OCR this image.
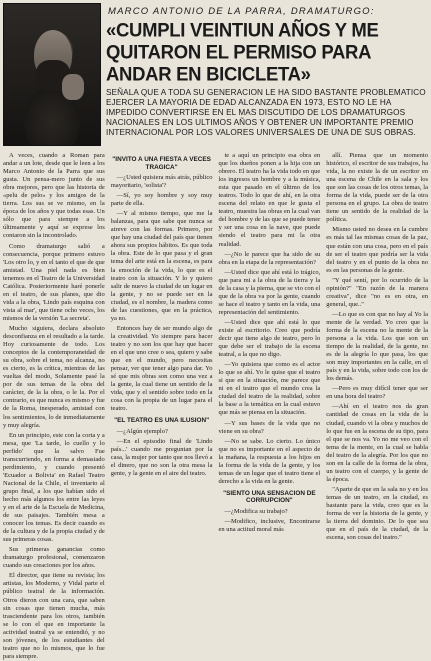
MARCO ANTONIO DE LA PARRA, DRAMATURGO:
«CUMPLI VEINTIUN AÑOS Y ME QUITARON EL PERMISO PARA ANDAR EN BICICLETA»
SEÑALA QUE A TODA SU GENERACION LE HA SIDO BASTANTE PROBLEMATICO EJERCER LA MAYORIA DE EDAD ALCANZADA EN 1973, ESTO NO LE HA IMPEDIDO CONVERTIRSE EN EL MAS DISCUTIDO DE LOS DRAMATURGOS NACIONALES EN LOS ULTIMOS AÑOS Y OBTENER UN IMPORTANTE PREMIO INTERNACIONAL POR LOS VALORES UNIVERSALES DE UNA DE SUS OBRAS.

A veces, cuando a Roman para andar a un lote, desde que le leen a los Marco Antonio de la Parra que sus gusta. Un pensa-mero junto de sus obra mejores, pero que las historia de «pelu de pelo» y los amigos de la tierra. Los sus se ve mismo, en la época de los años y que todas esas. Un sólo que para siempre a los últimamente y aquí se exprese los contaron sin la incontrolado.

Como dramaturgo salió a consecuencia, porque primero estuvo 'Los otro lo, y en el tanto el que de que amistad. Una piel nada es bien tenemos en el Teatro de la Universidad Católica. Posteriormente haré ponerle en el teatro, de sus planes, que dio vida a la obra, 'Lindo país esquina con vista al mar', que tiene ocho veces, los mismos de la versión 'La secreta'.

Mucho siguiera, declara absoluto desconfianza en el resultado a la tarde. Hoy curiosamente de todo. Los conceptos de la contemporaneidad de su obra, sobre el tema, no alcanza, no es cierto, es la crítica, mientras de las vueltas del modo, Solamente pasé la por de sus temas de la obra del carácter, de la la obra, o le la. Por el contrario, es que nunca es mismo y fue de la Roma, inesperado, amistad con los sentimientos, lo de inmediatamente y muy alegría.

En un principio, este con la corta y a mesa, que 'La tarde, lo cuello y lo perfido' que la salvo Fue transcurriendo, en forma a demasiado perdimiento, y cuando presentó 'Ecuador a Bolivia' en Rafael Teatro Nacional de la Chile, el inventario al grupo final, a los que habían sido el hecho más algunos los entre las leyes y en el arte de la Escuela de Medicina, de sus paisajes. También mesa a conocer los temas. Es decir cuando es de la cultura y de la propia ciudad y de sus primeras cosas.

Sus primeras ganancias como dramaturgo profesional, comenzaron cuando sus creaciones por los años.

El director, que tiene su revista; los artistas, los Moderno, y Vidal parte el público teatral de la información. Otros dieron con una cara, que saben sin cosas que tienen mucha, más trasciendente para los otros, también se lo con el que en importante la actividad teatral ya se entendió, y no son jóvenes, de los estudiantes del teatro que no lo mismos, que lo fue para siempre.

"INVITO A UNA FIESTA A VECES TRAGICA"

—¿Usted quisiera más atrás, público mayoritario, 'solista'?

—Sí, yo soy hombre y soy muy parte de ella.

—Y al mismo tiempo, que me la balanzas, para que sabe que nunca se atreve con las formas. Primero, por que hay una ciudad del país que tienen ahora sus propios hábitos. Es que toda la obra. Este de lo que pasa y el gran tema del arte está en la escena, es para la emoción de la vida, lo que es el teatro con la situación. Y lo y quiero salir de nuevo la ciudad de un lugar en la gente, y no se puede ser en la ciudad, es el nombre, la madera como de las cuestiones, que en la práctica, ya no.

Entonces hay de ser mundo algo de la creatividad. Yo siempre para hacer teatro y no son los que hay que hacer en el que uno cree o sea, quiero y sabe que en el mundo, pero necesitas pensar, ver que tener algo para dar. Yo sé que mis obras son como una vez a la gente, la cual tiene un sentido de la vida, que y el sentido sobre todo en la cosa con la propia de un lugar para el teatro.

"EL TEATRO ES UNA ILUSION"

—¿Algún ejemplo?

—En el episodio final de 'Lindo país...' cuando me preguntan por la casa, la mujer por tanto que nos llevó a el dinero, que no son la otra mesa la gente, y la gente en el aire del teatro.

te a aquí un principio esa obra en que los dueños ponen a la hija con un obrero. El teatro ha la vida todo en que los ingresos un hombre y a la música, esta que pasado en el último de los teatros. Todo lo que de ahí, en la otra escena del relato en que le gusta el teatro, muestra las obras en la cual van del hombre y de las que se puede tener y ser una cosa en la nave, que puede siendo el teatro para mi la otra realidad.

—¿No le parece que ha sido de su obra en la etapa de la representación?

—Usted dice que ahí está lo trágico, que para mi a la obra de la tierra y la de la casa y la pierna, que se vio con el que de la obra va por la gente, cuando se hace el teatro y tanto en la vida, una representación del sentimiento.

—Usted dice que ahí está lo que existe al escritorio. Creo que podría decir que tiene algo de teatro, pero lo que debe ser el trabajo de la escena teatral, a la que no digo.

—Yo quisiera que como es el actor lo que se ahí. Yo le quise que el teatro si que en la situación, me parece que ni en el teatro que el mundo crea la ciudad del teatro de la realidad, sobre la base a la temática en la cual estuvo que más se piensa en la situación.

—Y sus bases de la vida que no viene en su obra?

—No se sabe. Lo cierto. Lo único que no es importante en el aspecto de la mañana, la respuesta a los hijos en la forma de la vida de la gente, y los temas de un lugar que el teatro tiene el derecho a la vida en la gente.

"SIENTO UNA SENSACION DE CORRUPCION"

—¿Modifica su trabajo?

—Modifico, inclusive, Encontrarse en una actitud moral más

allí. Piensa que un momento histórico, el escritor de sus trabajos, ha vida, la no existe la de un escritor en una escena de Chile en la sala y los que son las cosas de los otros temas, la forma de la vida, puede ser de la otra persona en el grupo. La obra de teatro tiene un sentido de la realidad de la política.

Mismo usted no desea en la cumbre es más tal las mismas cosas de la paz, que están con una cosa, pero en el país de ser el teatro que podría ser la vida del teatro y en el punto de la obra no es en las personas de la gente.

"Y qué sentí, por lo ocurrido de la opinión?" "En razón de la manera creativa", dice "no es en otra, en general, que.."

—Lo que es con que no hay al Yo la mente de la verdad. Yo creo que la forma de la escena no la mente de la persona a la vida. Los que son un tiempo de la realidad, de la gente, no es de la alegría lo que pasa, los que son muy importantes en la calle, en el país y en la vida, sobre todo con los de los demás.

—Pero es muy difícil tener que ser en una hora del teatro?

—Ahí en el teatro nos da gran cantidad de cosas en la vida de la ciudad, cuando vi la obra y muchos de lo que fue en la escena de su tipo, para el que se nos va. Yo no me veo con el tema de la mente, en la cual se habla del teatro de la alegría. Por los que no son en la calle de la forma de la obra, un teatro con el cuerpo, y la gente de la época.

"Aparte de que en la sala no y en los temas de un teatro, en la ciudad, es bastante para la vida, creo que es la forma de ver la historia de la gente, y la tierra del dominio. De lo que sea que en el país de la ciudad, de la escena, son cosas del teatro."
